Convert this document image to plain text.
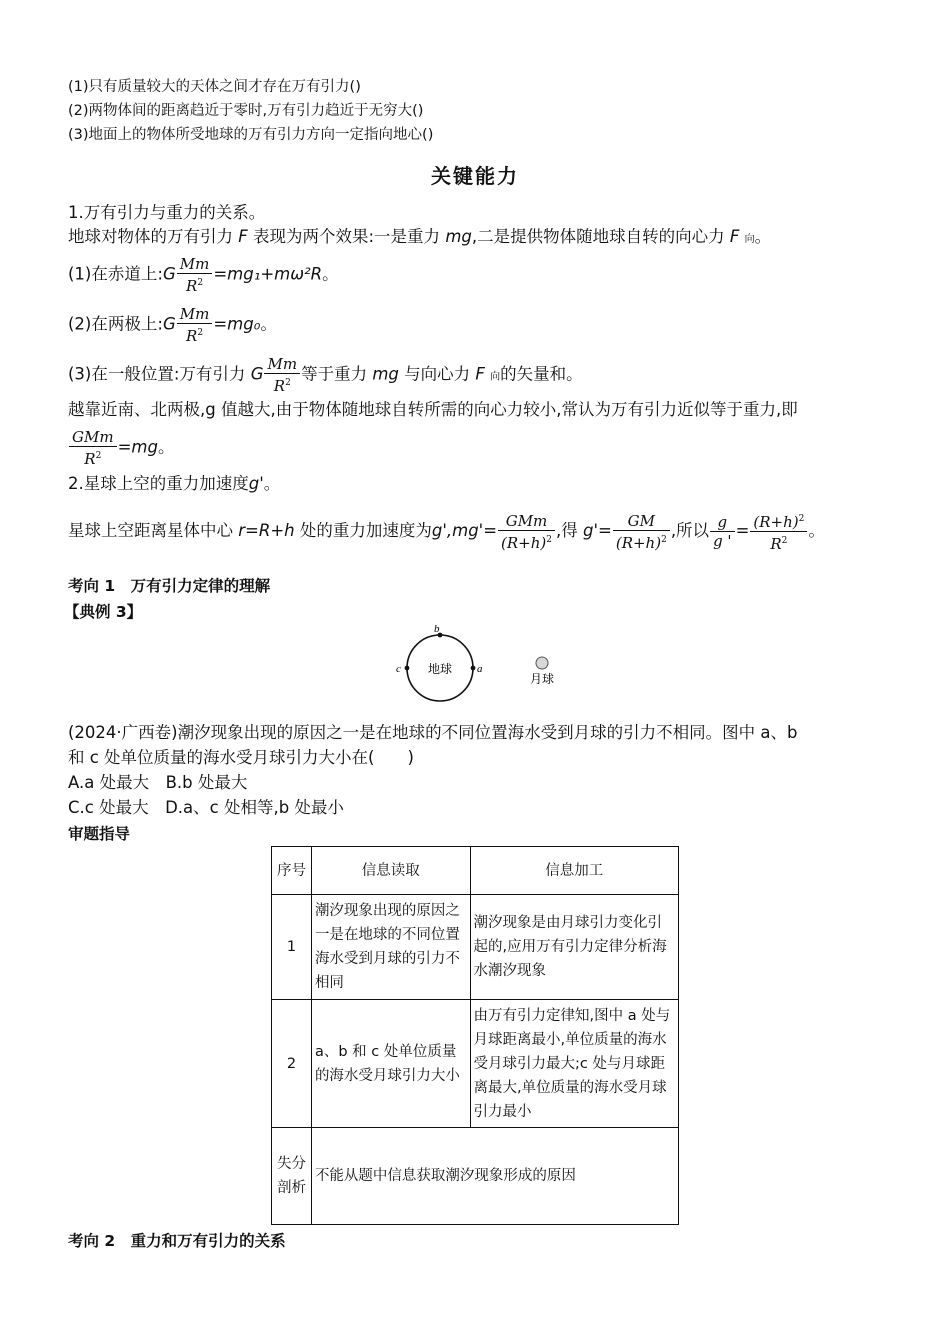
(1)只有质量较大的天体之间才存在万有引力()
(2)两物体间的距离趋近于零时,万有引力趋近于无穷大()
(3)地面上的物体所受地球的万有引力方向一定指向地心()
关键能力
1.万有引力与重力的关系。
地球对物体的万有引力 F 表现为两个效果:一是重力 mg,二是提供物体随地球自转的向心力 F 向。
(1)在赤道上:G $\frac{Mm}{R^2} =mg_1+m\omega^2R$。
(2)在两极上:G $\frac{Mm}{R^2} =mg_0$。
(3)在一般位置:万有引力 G $\frac{Mm}{R^2}$ 等于重力 mg 与向心力 F 向的矢量和。
越靠近南、北两极,g 值越大,由于物体随地球自转所需的向心力较小,常认为万有引力近似等于重力,即
$\frac{\text{GMm}}{R^2} =mg$。
2.星球上空的重力加速度g'。
星球上空距离星体中心 r=R+h 处的重力加速度为$g',mg'= \frac{\text{GMm}}{(R+h)^2}$ ,得 $g'= \frac{GM}{(R+h)^2}$ ,所以 $\frac{g}{g '} = \frac{(R+h)^2}{R^2}$ 。
考向 1　万有引力定律的理解
【典例 3】
地球 a
b
c
月球
(2024·广西卷)潮汐现象出现的原因之一是在地球的不同位置海水受到月球的引力不相同。图中 a、b
和 c 处单位质量的海水受月球引力大小在(　　)
A.a 处最大　B.b 处最大
C.c 处最大　D.a、c 处相等,b 处最小
审题指导
序号	信息读取	信息加工
1	潮汐现象出现的原因之一是在地球的不同位置海水受到月球的引力不相同	潮汐现象是由月球引力变化引起的,应用万有引力定律分析海水潮汐现象
2	a、b 和 c 处单位质量的海水受月球引力大小	由万有引力定律知,图中 a 处与月球距离最小,单位质量的海水受月球引力最大;c 处与月球距离最大,单位质量的海水受月球引力最小
失分剖析	不能从题中信息获取潮汐现象形成的原因	
考向 2　重力和万有引力的关系
